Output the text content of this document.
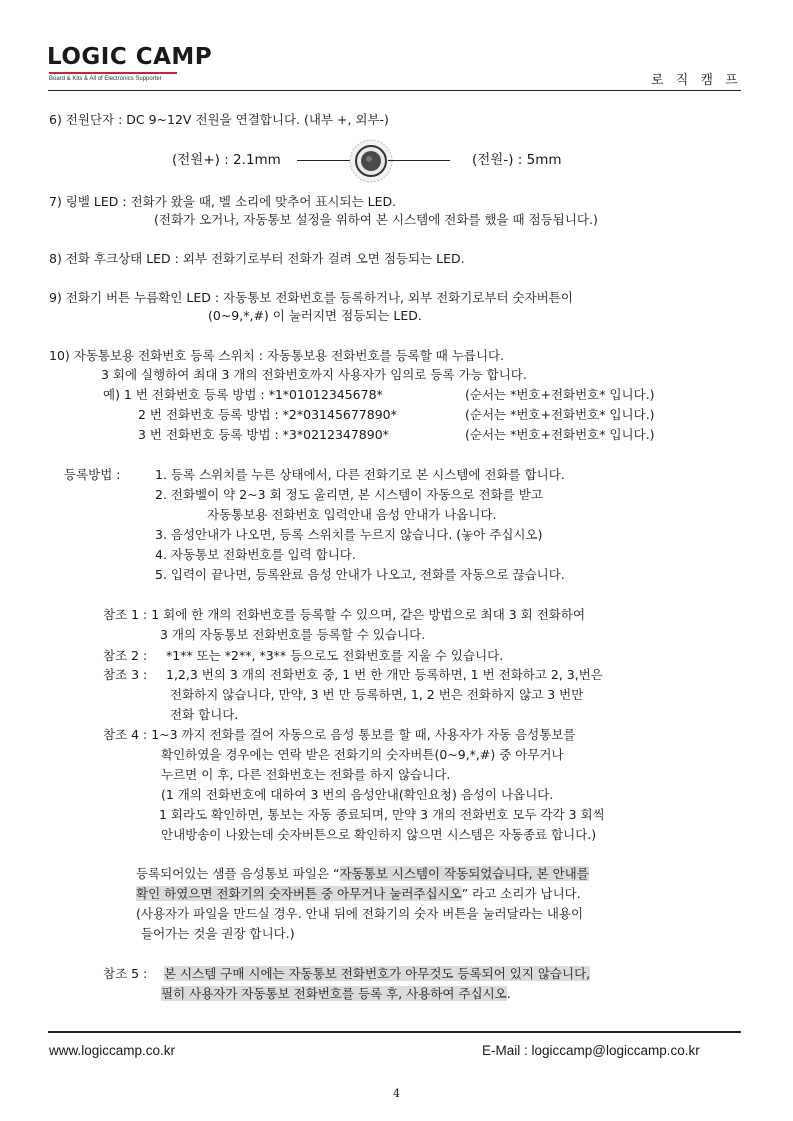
LOGIC CAMP
Board & Kits & All of Electronics Supporter	로 직 캠 프
6) 전원단자 : DC 9~12V 전원을 연결합니다. (내부 +, 외부-)
(전원+) : 2.1mm	(전원-) : 5mm
7) 링벨 LED : 전화가 왔을 때, 벨 소리에 맞추어 표시되는 LED.
(전화가 오거나, 자동통보 설정을 위하여 본 시스템에 전화를 했을 때 점등됩니다.)
8) 전화 후크상태 LED : 외부 전화기로부터 전화가 걸려 오면 점등되는 LED.
9) 전화기 버튼 누름확인 LED : 자동통보 전화번호를 등록하거나, 외부 전화기로부터 숫자버튼이
(0~9,*,#) 이 눌러지면 점등되는 LED.
10) 자동통보용 전화번호 등록 스위치 : 자동통보용 전화번호를 등록할 때 누릅니다.
3 회에 실행하여 최대 3 개의 전화번호까지 사용자가 임의로 등록 가능 합니다.
예) 1 번 전화번호 등록 방법 : *1*01012345678*	(순서는 *번호+전화번호* 입니다.)
2 번 전화번호 등록 방법 : *2*03145677890*	(순서는 *번호+전화번호* 입니다.)
3 번 전화번호 등록 방법 : *3*0212347890*	(순서는 *번호+전화번호* 입니다.)
등록방법 :	1. 등록 스위치를 누른 상태에서, 다른 전화기로 본 시스템에 전화를 합니다.
2. 전화벨이 약 2~3 회 정도 울리면, 본 시스템이 자동으로 전화를 받고
자동통보용 전화번호 입력안내 음성 안내가 나옵니다.
3. 음성안내가 나오면, 등록 스위치를 누르지 않습니다. (놓아 주십시오)
4. 자동통보 전화번호를 입력 합니다.
5. 입력이 끝나면, 등록완료 음성 안내가 나오고, 전화를 자동으로 끊습니다.
참조 1 : 1 회에 한 개의 전화번호를 등록할 수 있으며, 같은 방법으로 최대 3 회 전화하여
3 개의 자동통보 전화번호를 등록할 수 있습니다.
참조 2 : *1** 또는 *2**, *3** 등으로도 전화번호를 지울 수 있습니다.
참조 3 : 1,2,3 번의 3 개의 전화번호 중, 1 번 한 개만 등록하면, 1 번 전화하고 2, 3,번은
전화하지 않습니다, 만약, 3 번 만 등록하면, 1, 2 번은 전화하지 않고 3 번만
전화 합니다.
참조 4 : 1~3 까지 전화를 걸어 자동으로 음성 통보를 할 때, 사용자가 자동 음성통보를
확인하였을 경우에는 연락 받은 전화기의 숫자버튼(0~9,*,#) 중 아무거나
누르면 이 후, 다른 전화번호는 전화를 하지 않습니다.
(1 개의 전화번호에 대하여 3 번의 음성안내(확인요청) 음성이 나옵니다.
1 회라도 확인하면, 통보는 자동 종료되며, 만약 3 개의 전화번호 모두 각각 3 회씩
안내방송이 나왔는데 숫자버튼으로 확인하지 않으면 시스템은 자동종료 합니다.)
등록되어있는 샘플 음성통보 파일은 “자동통보 시스템이 작동되었습니다, 본 안내를
확인 하였으면 전화기의 숫자버튼 중 아무거나 눌러주십시오” 라고 소리가 납니다.
(사용자가 파일을 만드실 경우. 안내 뒤에 전화기의 숫자 버튼을 눌러달라는 내용이
들어가는 것을 권장 합니다.)
참조 5 : 본 시스템 구매 시에는 자동통보 전화번호가 아무것도 등록되어 있지 않습니다,
필히 사용자가 자동통보 전화번호를 등록 후, 사용하여 주십시오.
www.logiccamp.co.kr	E-Mail : logiccamp@logiccamp.co.kr
4
